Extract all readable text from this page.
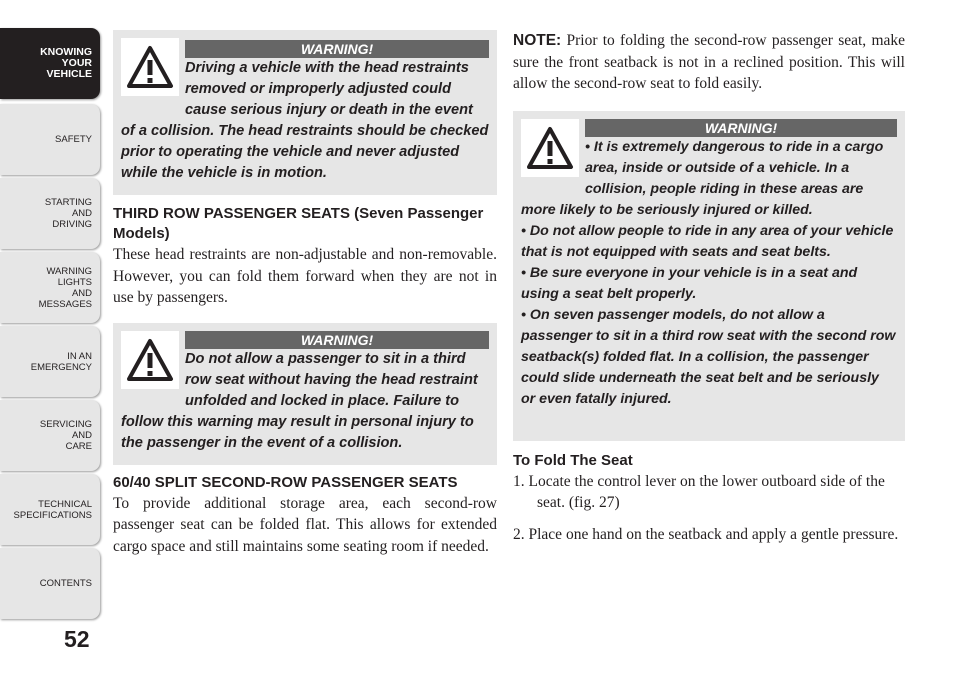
KNOWING
YOUR
VEHICLE
SAFETY
STARTING
AND
DRIVING
WARNING
LIGHTS
AND
MESSAGES
IN AN
EMERGENCY
SERVICING
AND
CARE
TECHNICAL
SPECIFICATIONS
CONTENTS
52
WARNING!

Driving a vehicle with the head restraints removed or improperly adjusted could cause serious injury or death in the event of a collision. The head restraints should be checked prior to operating the vehicle and never adjusted while the vehicle is in motion.

THIRD ROW PASSENGER SEATS (Seven Passenger Models)

These head restraints are non-adjustable and non-removable. However, you can fold them forward when they are not in use by passengers.

WARNING!

Do not allow a passenger to sit in a third row seat without having the head restraint unfolded and locked in place. Failure to follow this warning may result in personal injury to the passenger in the event of a collision.

60/40 SPLIT SECOND-ROW PASSENGER SEATS

To provide additional storage area, each second-row passenger seat can be folded flat. This allows for extended cargo space and still maintains some seating room if needed.

NOTE: Prior to folding the second-row passenger seat, make sure the front seatback is not in a reclined position. This will allow the second-row seat to fold easily.

WARNING!

• It is extremely dangerous to ride in a cargo area, inside or outside of a vehicle. In a collision, people riding in these areas are more likely to be seriously injured or killed.

• Do not allow people to ride in any area of your vehicle that is not equipped with seats and seat belts.

• Be sure everyone in your vehicle is in a seat and using a seat belt properly.

• On seven passenger models, do not allow a passenger to sit in a third row seat with the second row seatback(s) folded flat. In a collision, the passenger could slide underneath the seat belt and be seriously or even fatally injured.

To Fold The Seat

1. Locate the control lever on the lower outboard side of the seat. (fig. 27)
2. Place one hand on the seatback and apply a gentle pressure.
